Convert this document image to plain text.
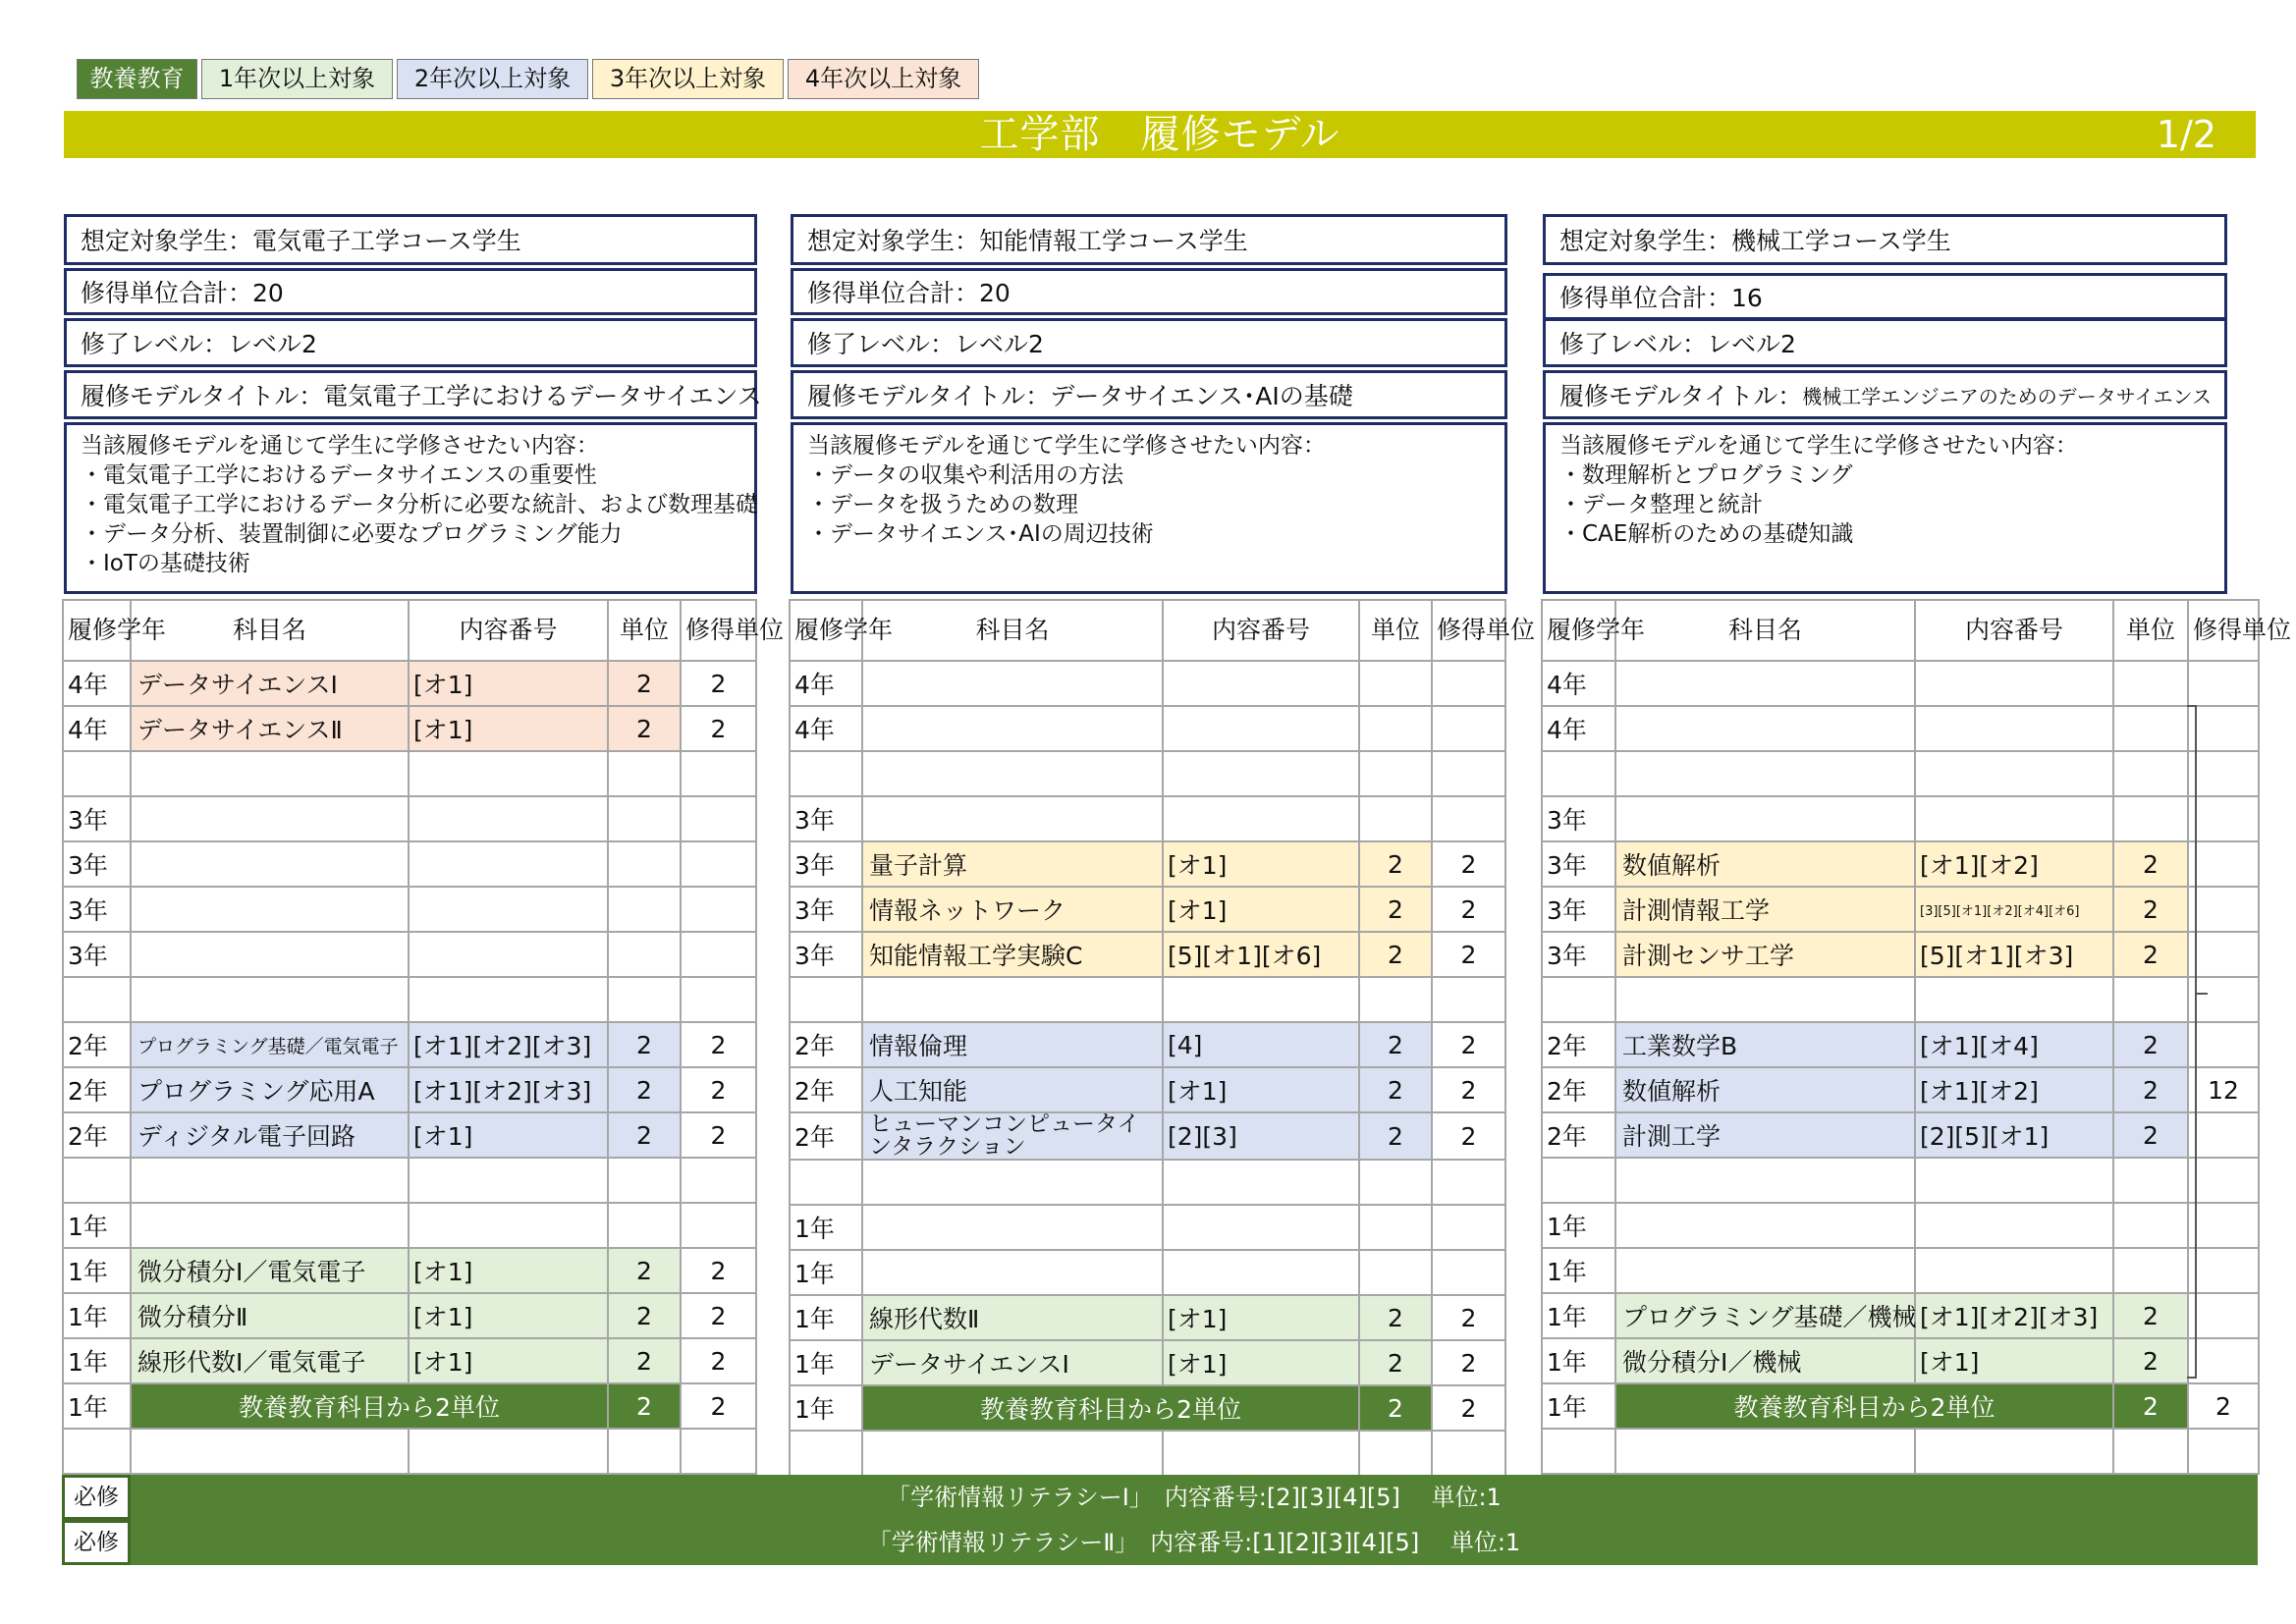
教養教育	1年次以上対象	2年次以上対象	3年次以上対象	4年次以上対象
工学部　履修モデル	1/2
想定対象学生：電気電子工学コース学生
修得単位合計：20
修了レベル：レベル2
履修モデルタイトル：電気電子工学におけるデータサイエンス
当該履修モデルを通じて学生に学修させたい内容：
・電気電子工学におけるデータサイエンスの重要性
・電気電子工学におけるデータ分析に必要な統計、および数理基礎
・データ分析、装置制御に必要なプログラミング能力
・IoTの基礎技術
想定対象学生：知能情報工学コース学生
修得単位合計：20
修了レベル：レベル2
履修モデルタイトル：データサイエンス･AIの基礎
当該履修モデルを通じて学生に学修させたい内容：
・データの収集や利活用の方法
・データを扱うための数理
・データサイエンス･AIの周辺技術
想定対象学生：機械工学コース学生
修得単位合計：16
修了レベル：レベル2
履修モデルタイトル： 機械工学エンジニアのためのデータサイエンス
当該履修モデルを通じて学生に学修させたい内容：
・数理解析とプログラミング
・データ整理と統計
・CAE解析のための基礎知識
履修学年	科目名	内容番号	単位	修得単位
4年	データサイエンスⅠ	[オ1]	2	2
4年	データサイエンスⅡ	[オ1]	2	2

3年				
3年				
3年				
3年				

2年	プログラミング基礎／電気電子	[オ1][オ2][オ3]	2	2
2年	プログラミング応用A	[オ1][オ2][オ3]	2	2
2年	ディジタル電子回路	[オ1]	2	2

1年				
1年	微分積分Ⅰ／電気電子	[オ1]	2	2
1年	微分積分Ⅱ	[オ1]	2	2
1年	線形代数Ⅰ／電気電子	[オ1]	2	2
1年	教養教育科目から2単位		2	2

履修学年	科目名	内容番号	単位	修得単位
4年				
4年				

3年				
3年	量子計算	[オ1]	2	2
3年	情報ネットワーク	[オ1]	2	2
3年	知能情報工学実験C	[5][オ1][オ6]	2	2

2年	情報倫理	[4]	2	2
2年	人工知能	[オ1]	2	2
2年	ヒューマンコンピュータインタラクション	[2][3]	2	2

1年				
1年				
1年	線形代数Ⅱ	[オ1]	2	2
1年	データサイエンスⅠ	[オ1]	2	2
1年	教養教育科目から2単位		2	2

履修学年	科目名	内容番号	単位	修得単位
4年				
4年				

3年				
3年	数値解析	[オ1][オ2]	2	
3年	計測情報工学	[3][5][オ1][オ2][オ4][オ6]	2	
3年	計測センサ工学	[5][オ1][オ3]	2	

2年	工業数学B	[オ1][オ4]	2	
2年	数値解析	[オ1][オ2]	2	12
2年	計測工学	[2][5][オ1]	2	

1年				
1年				
1年	プログラミング基礎／機械	[オ1][オ2][オ3]	2	
1年	微分積分Ⅰ／機械	[オ1]	2	
1年	教養教育科目から2単位		2	2

必修	「学術情報リテラシーⅠ」　内容番号:[2][3][4][5]　 単位:1
必修	「学術情報リテラシーⅡ」　内容番号:[1][2][3][4][5]　 単位:1
